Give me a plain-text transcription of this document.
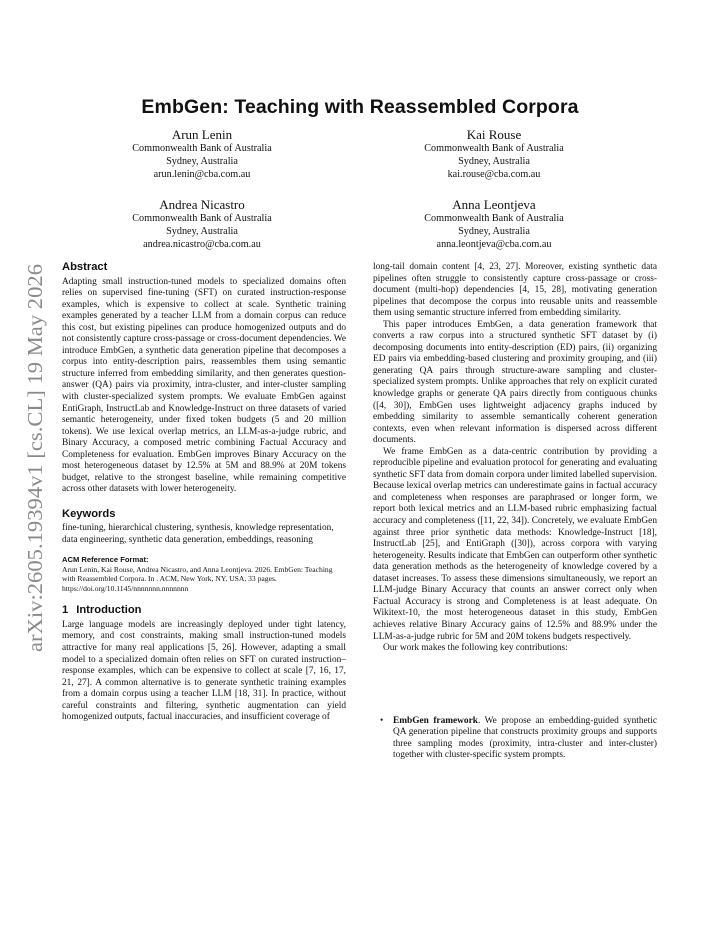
arXiv:2605.19394v1 [cs.CL] 19 May 2026
EmbGen: Teaching with Reassembled Corpora
Arun Lenin
Commonwealth Bank of Australia
Sydney, Australia
arun.lenin@cba.com.au
Kai Rouse
Commonwealth Bank of Australia
Sydney, Australia
kai.rouse@cba.com.au
Andrea Nicastro
Commonwealth Bank of Australia
Sydney, Australia
andrea.nicastro@cba.com.au
Anna Leontjeva
Commonwealth Bank of Australia
Sydney, Australia
anna.leontjeva@cba.com.au
Abstract

Adapting small instruction-tuned models to specialized domains often relies on supervised fine-tuning (SFT) on curated instruction-response examples, which is expensive to collect at scale. Synthetic training examples generated by a teacher LLM from a domain corpus can reduce this cost, but existing pipelines can produce homogenized outputs and do not consistently capture cross-passage or cross-document dependencies. We introduce EmbGen, a synthetic data generation pipeline that decomposes a corpus into entity-description pairs, reassembles them using semantic structure inferred from embedding similarity, and then generates question-answer (QA) pairs via proximity, intra-cluster, and inter-cluster sampling with cluster-specialized system prompts. We evaluate EmbGen against EntiGraph, InstructLab and Knowledge-Instruct on three datasets of varied semantic heterogeneity, under fixed token budgets (5 and 20 million tokens). We use lexical overlap metrics, an LLM-as-a-judge rubric, and Binary Accuracy, a composed metric combining Factual Accuracy and Completeness for evaluation. EmbGen improves Binary Accuracy on the most heterogeneous dataset by 12.5% at 5M and 88.9% at 20M tokens budget, relative to the strongest baseline, while remaining competitive across other datasets with lower heterogeneity.

Keywords

fine-tuning, hierarchical clustering, synthesis, knowledge representation, data engineering, synthetic data generation, embeddings, reasoning

ACM Reference Format:
Arun Lenin, Kai Rouse, Andrea Nicastro, and Anna Leontjeva. 2026. EmbGen: Teaching with Reassembled Corpora. In . ACM, New York, NY, USA, 33 pages. https://doi.org/10.1145/nnnnnnn.nnnnnnn
1 Introduction

Large language models are increasingly deployed under tight latency, memory, and cost constraints, making small instruction-tuned models attractive for many real applications [5, 26]. However, adapting a small model to a specialized domain often relies on SFT on curated instruction–response examples, which can be expensive to collect at scale [7, 16, 17, 21, 27]. A common alternative is to generate synthetic training examples from a domain corpus using a teacher LLM [18, 31]. In practice, without careful constraints and filtering, synthetic augmentation can yield homogenized outputs, factual inaccuracies, and insufficient coverage of

long-tail domain content [4, 23, 27]. Moreover, existing synthetic data pipelines often struggle to consistently capture cross-passage or cross-document (multi-hop) dependencies [4, 15, 28], motivating generation pipelines that decompose the corpus into reusable units and reassemble them using semantic structure inferred from embedding similarity.

This paper introduces EmbGen, a data generation framework that converts a raw corpus into a structured synthetic SFT dataset by (i) decomposing documents into entity-description (ED) pairs, (ii) organizing ED pairs via embedding-based clustering and proximity grouping, and (iii) generating QA pairs through structure-aware sampling and cluster-specialized system prompts. Unlike approaches that rely on explicit curated knowledge graphs or generate QA pairs directly from contiguous chunks ([4, 30]), EmbGen uses lightweight adjacency graphs induced by embedding similarity to assemble semantically coherent generation contexts, even when relevant information is dispersed across different documents.

We frame EmbGen as a data-centric contribution by providing a reproducible pipeline and evaluation protocol for generating and evaluating synthetic SFT data from domain corpora under limited labelled supervision. Because lexical overlap metrics can underestimate gains in factual accuracy and completeness when responses are paraphrased or longer form, we report both lexical metrics and an LLM-based rubric emphasizing factual accuracy and completeness ([11, 22, 34]). Concretely, we evaluate EmbGen against three prior synthetic data methods: Knowledge-Instruct [18], InstructLab [25], and EntiGraph ([30]), across corpora with varying heterogeneity. Results indicate that EmbGen can outperform other synthetic data generation methods as the heterogeneity of knowledge covered by a dataset increases. To assess these dimensions simultaneously, we report an LLM-judge Binary Accuracy that counts an answer correct only when Factual Accuracy is strong and Completeness is at least adequate. On Wikitext-10, the most heterogeneous dataset in this study, EmbGen achieves relative Binary Accuracy gains of 12.5% and 88.9% under the LLM-as-a-judge rubric for 5M and 20M tokens budgets respectively.

Our work makes the following key contributions:

• EmbGen framework. We propose an embedding-guided synthetic QA generation pipeline that constructs proximity groups and supports three sampling modes (proximity, intra-cluster and inter-cluster) together with cluster-specific system prompts.
